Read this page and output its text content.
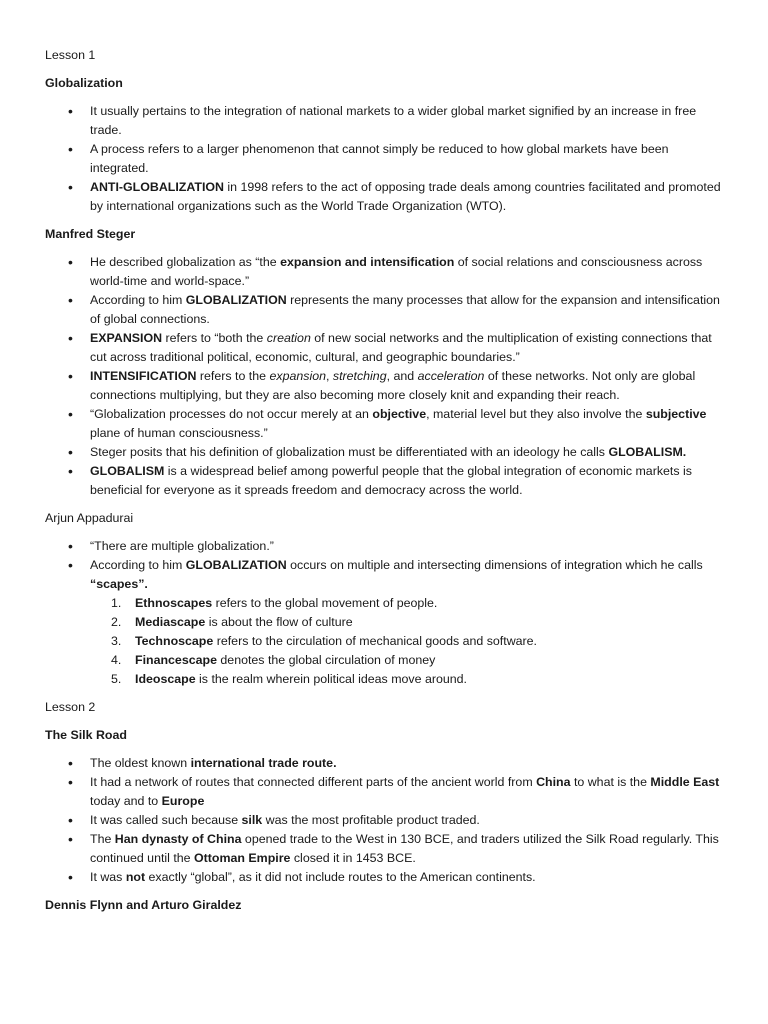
Lesson 1

Globalization

• It usually pertains to the integration of national markets to a wider global market signified by an increase in free trade.
• A process refers to a larger phenomenon that cannot simply be reduced to how global markets have been integrated.
• ANTI-GLOBALIZATION in 1998 refers to the act of opposing trade deals among countries facilitated and promoted by international organizations such as the World Trade Organization (WTO).

Manfred Steger

• He described globalization as “the expansion and intensification of social relations and consciousness across world-time and world-space.”
• According to him GLOBALIZATION represents the many processes that allow for the expansion and intensification of global connections.
• EXPANSION refers to “both the creation of new social networks and the multiplication of existing connections that cut across traditional political, economic, cultural, and geographic boundaries.”
• INTENSIFICATION refers to the expansion, stretching, and acceleration of these networks. Not only are global connections multiplying, but they are also becoming more closely knit and expanding their reach.
• “Globalization processes do not occur merely at an objective, material level but they also involve the subjective plane of human consciousness.”
• Steger posits that his definition of globalization must be differentiated with an ideology he calls GLOBALISM.
• GLOBALISM is a widespread belief among powerful people that the global integration of economic markets is beneficial for everyone as it spreads freedom and democracy across the world.

Arjun Appadurai

• “There are multiple globalization.”
• According to him GLOBALIZATION occurs on multiple and intersecting dimensions of integration which he calls “scapes”.
1. Ethnoscapes refers to the global movement of people.
2. Mediascape is about the flow of culture
3. Technoscape refers to the circulation of mechanical goods and software.
4. Financescape denotes the global circulation of money
5. Ideoscape is the realm wherein political ideas move around.

Lesson 2

The Silk Road

• The oldest known international trade route.
• It had a network of routes that connected different parts of the ancient world from China to what is the Middle East today and to Europe
• It was called such because silk was the most profitable product traded.
• The Han dynasty of China opened trade to the West in 130 BCE, and traders utilized the Silk Road regularly. This continued until the Ottoman Empire closed it in 1453 BCE.
• It was not exactly “global”, as it did not include routes to the American continents.

Dennis Flynn and Arturo Giraldez
